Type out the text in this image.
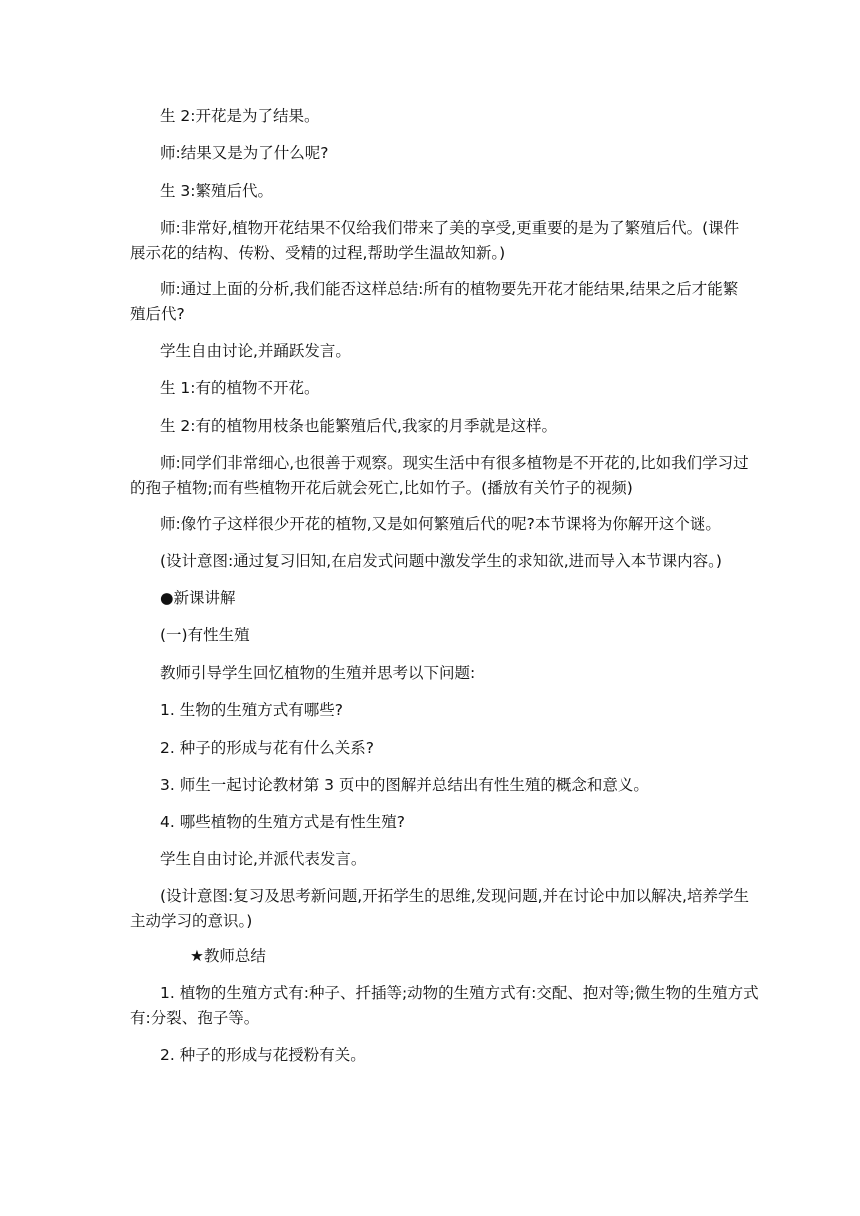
生 2:开花是为了结果。
师:结果又是为了什么呢?
生 3:繁殖后代。
师:非常好,植物开花结果不仅给我们带来了美的享受,更重要的是为了繁殖后代。(课件
展示花的结构、传粉、受精的过程,帮助学生温故知新。)
师:通过上面的分析,我们能否这样总结:所有的植物要先开花才能结果,结果之后才能繁
殖后代?
学生自由讨论,并踊跃发言。
生 1:有的植物不开花。
生 2:有的植物用枝条也能繁殖后代,我家的月季就是这样。
师:同学们非常细心,也很善于观察。现实生活中有很多植物是不开花的,比如我们学习过
的孢子植物;而有些植物开花后就会死亡,比如竹子。(播放有关竹子的视频)
师:像竹子这样很少开花的植物,又是如何繁殖后代的呢?本节课将为你解开这个谜。
(设计意图:通过复习旧知,在启发式问题中激发学生的求知欲,进而导入本节课内容。)
●新课讲解
(一)有性生殖
教师引导学生回忆植物的生殖并思考以下问题:
1. 生物的生殖方式有哪些?
2. 种子的形成与花有什么关系?
3. 师生一起讨论教材第 3 页中的图解并总结出有性生殖的概念和意义。
4. 哪些植物的生殖方式是有性生殖?
学生自由讨论,并派代表发言。
(设计意图:复习及思考新问题,开拓学生的思维,发现问题,并在讨论中加以解决,培养学生
主动学习的意识。)
★教师总结
1. 植物的生殖方式有:种子、扦插等;动物的生殖方式有:交配、抱对等;微生物的生殖方式
有:分裂、孢子等。
2. 种子的形成与花授粉有关。
